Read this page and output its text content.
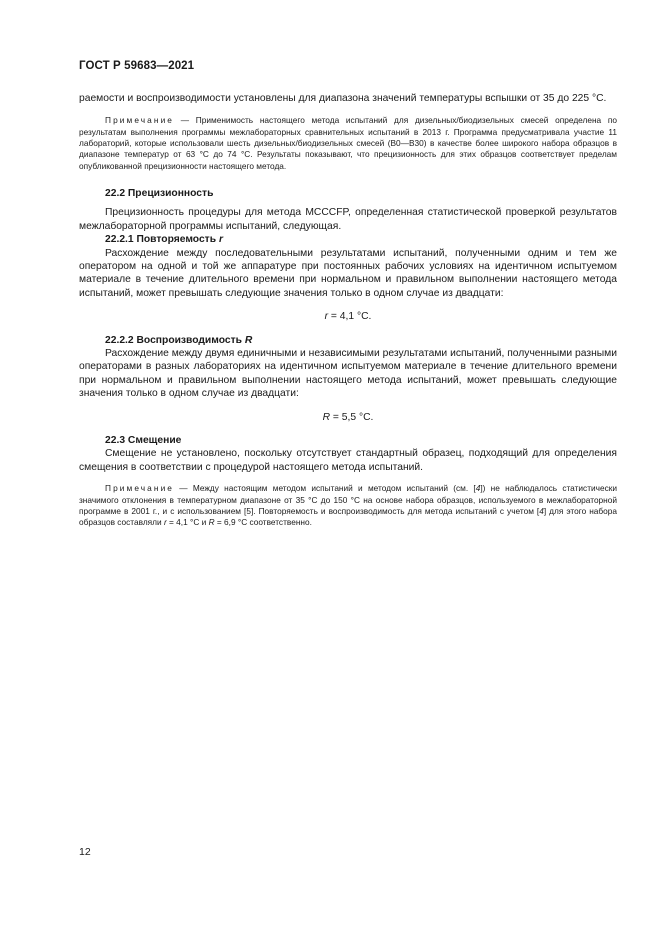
ГОСТ Р 59683—2021

раемости и воспроизводимости установлены для диапазона значений температуры вспышки от 35 до 225 °С.

Примечание — Применимость настоящего метода испытаний для дизельных/биодизельных смесей определена по результатам выполнения программы межлабораторных сравнительных испытаний в 2013 г. Программа предусматривала участие 11 лабораторий, которые использовали шесть дизельных/биодизельных смесей (В0—В30) в качестве более широкого набора образцов в диапазоне температур от 63 °С до 74 °С. Результаты показывают, что прецизионность для этих образцов соответствует пределам опубликованной прецизионности настоящего метода.

22.2 Прецизионность

Прецизионность процедуры для метода MCCCFP, определенная статистической проверкой результатов межлабораторной программы испытаний, следующая.

22.2.1 Повторяемость r

Расхождение между последовательными результатами испытаний, полученными одним и тем же оператором на одной и той же аппаратуре при постоянных рабочих условиях на идентичном испытуемом материале в течение длительного времени при нормальном и правильном выполнении настоящего метода испытаний, может превышать следующие значения только в одном случае из двадцати:

r = 4,1 °С.

22.2.2 Воспроизводимость R

Расхождение между двумя единичными и независимыми результатами испытаний, полученными разными операторами в разных лабораториях на идентичном испытуемом материале в течение длительного времени при нормальном и правильном выполнении настоящего метода испытаний, может превышать следующие значения только в одном случае из двадцати:

R = 5,5 °С.

22.3 Смещение

Смещение не установлено, поскольку отсутствует стандартный образец, подходящий для определения смещения в соответствии с процедурой настоящего метода испытаний.

Примечание — Между настоящим методом испытаний и методом испытаний (см. [4]) не наблюдалось статистически значимого отклонения в температурном диапазоне от 35 °С до 150 °С на основе набора образцов, используемого в межлабораторной программе в 2001 г., и с использованием [5]. Повторяемость и воспроизводимость для метода испытаний с учетом [4] для этого набора образцов составляли r = 4,1 °С и R = 6,9 °С соответственно.

12
